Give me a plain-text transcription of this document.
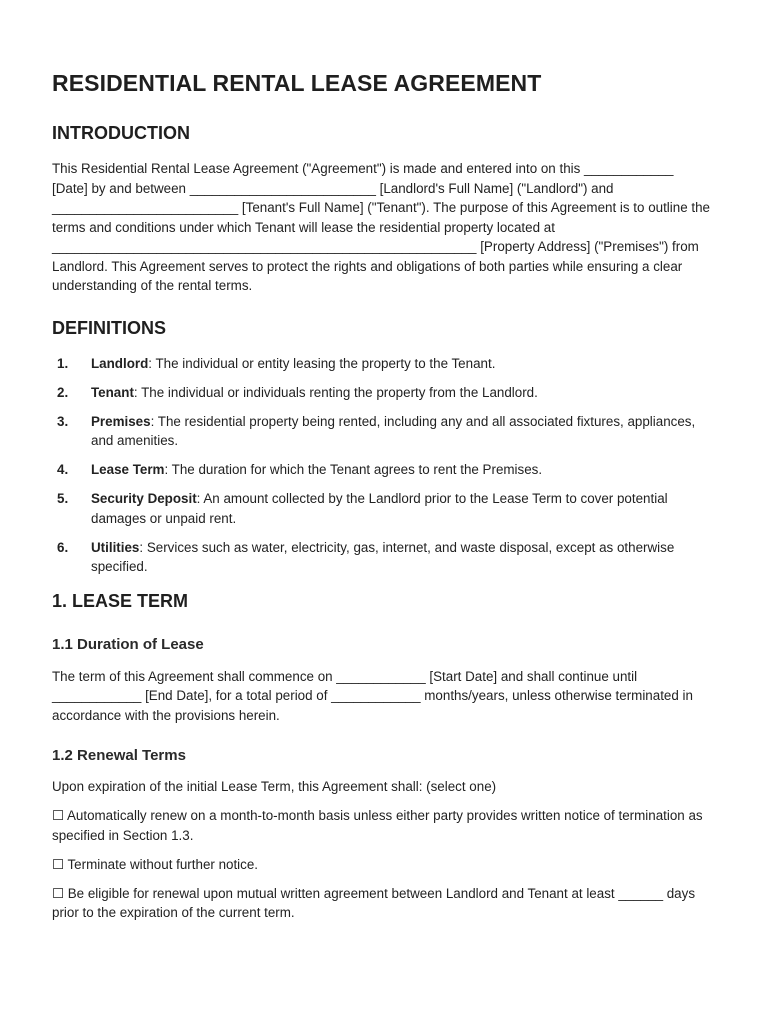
RESIDENTIAL RENTAL LEASE AGREEMENT
INTRODUCTION

This Residential Rental Lease Agreement ("Agreement") is made and entered into on this ____________ [Date] by and between _________________________ [Landlord's Full Name] ("Landlord") and _________________________ [Tenant's Full Name] ("Tenant"). The purpose of this Agreement is to outline the terms and conditions under which Tenant will lease the residential property located at _________________________________________________________ [Property Address] ("Premises") from Landlord. This Agreement serves to protect the rights and obligations of both parties while ensuring a clear understanding of the rental terms.

DEFINITIONS
1.	Landlord: The individual or entity leasing the property to the Tenant.
2.	Tenant: The individual or individuals renting the property from the Landlord.
3.	Premises: The residential property being rented, including any and all associated fixtures, appliances, and amenities.
4.	Lease Term: The duration for which the Tenant agrees to rent the Premises.
5.	Security Deposit: An amount collected by the Landlord prior to the Lease Term to cover potential damages or unpaid rent.
6.	Utilities: Services such as water, electricity, gas, internet, and waste disposal, except as otherwise specified.
1. LEASE TERM
1.1 Duration of Lease

The term of this Agreement shall commence on ____________ [Start Date] and shall continue until ____________ [End Date], for a total period of ____________ months/years, unless otherwise terminated in accordance with the provisions herein.

1.2 Renewal Terms

Upon expiration of the initial Lease Term, this Agreement shall: (select one)

☐ Automatically renew on a month-to-month basis unless either party provides written notice of termination as specified in Section 1.3.

☐ Terminate without further notice.

☐ Be eligible for renewal upon mutual written agreement between Landlord and Tenant at least ______ days prior to the expiration of the current term.
